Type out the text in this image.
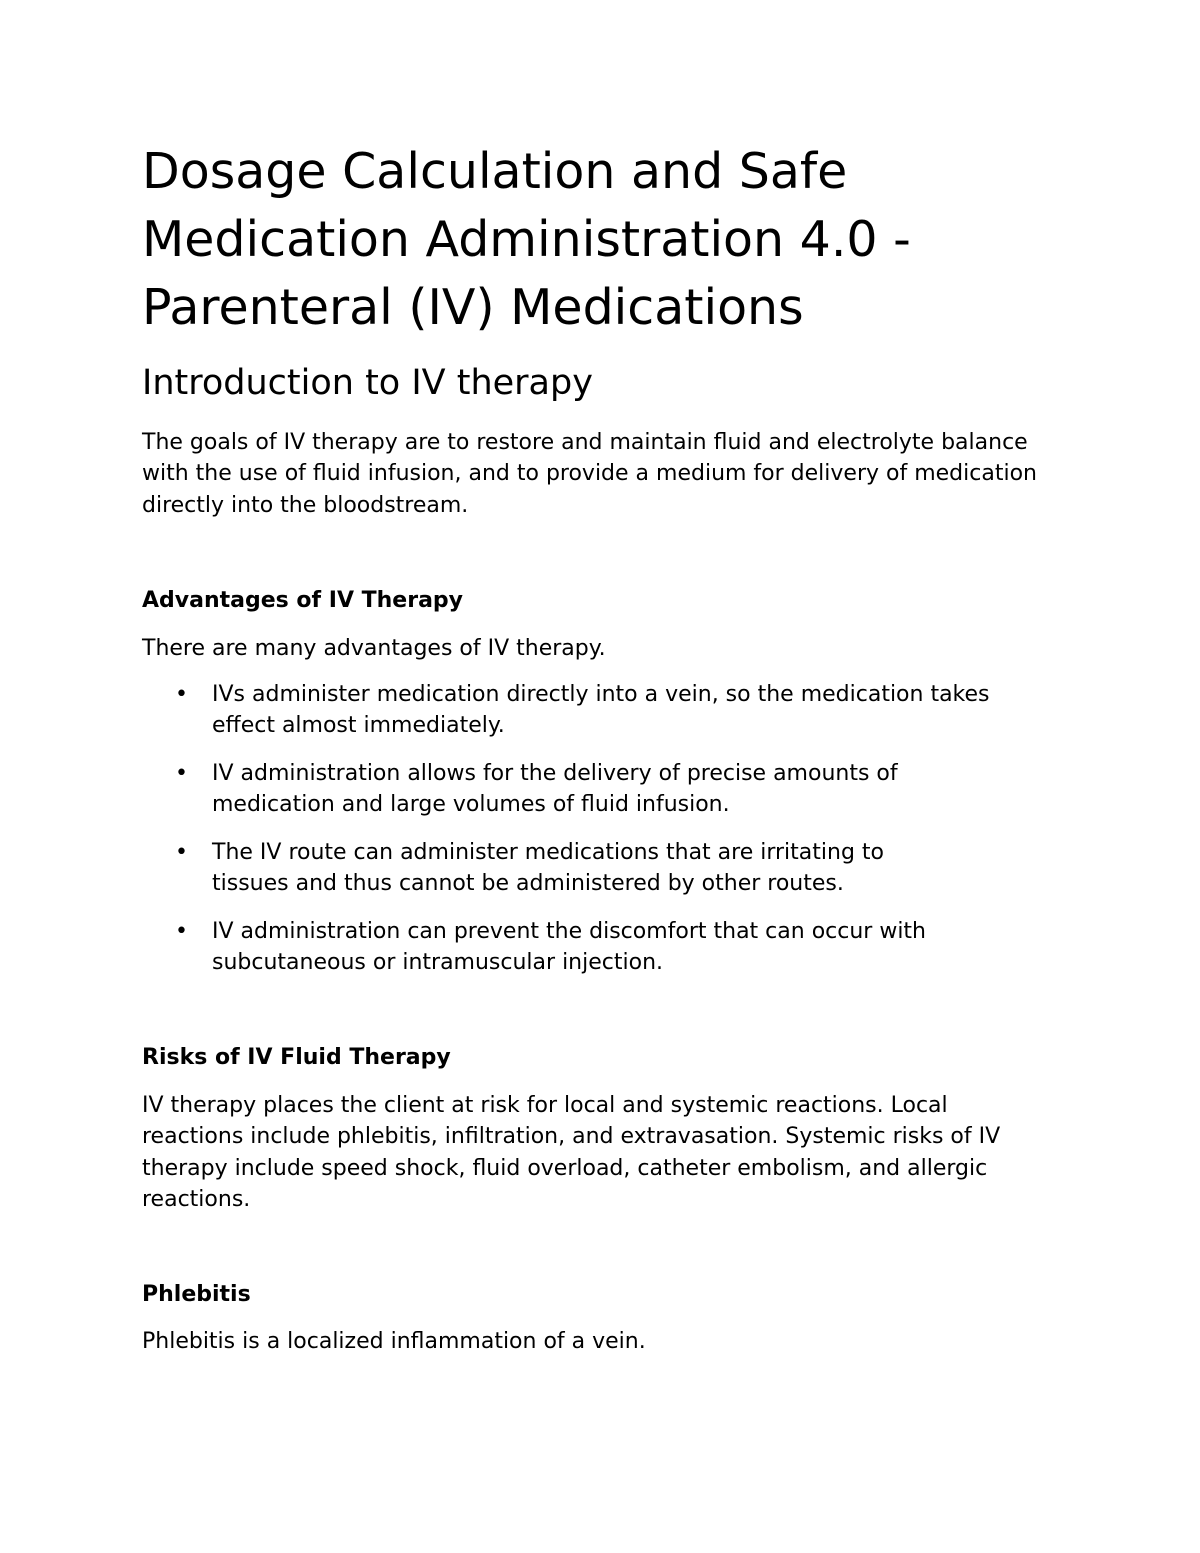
Dosage Calculation and Safe Medication Administration 4.0 - Parenteral (IV) Medications
Introduction to IV therapy

The goals of IV therapy are to restore and maintain fluid and electrolyte balance with the use of fluid infusion, and to provide a medium for delivery of medication directly into the bloodstream.

Advantages of IV Therapy

There are many advantages of IV therapy.

• IVs administer medication directly into a vein, so the medication takes effect almost immediately.
• IV administration allows for the delivery of precise amounts of medication and large volumes of fluid infusion.
• The IV route can administer medications that are irritating to tissues and thus cannot be administered by other routes.
• IV administration can prevent the discomfort that can occur with subcutaneous or intramuscular injection.
Risks of IV Fluid Therapy

IV therapy places the client at risk for local and systemic reactions. Local reactions include phlebitis, infiltration, and extravasation. Systemic risks of IV therapy include speed shock, fluid overload, catheter embolism, and allergic reactions.

Phlebitis

Phlebitis is a localized inflammation of a vein.
